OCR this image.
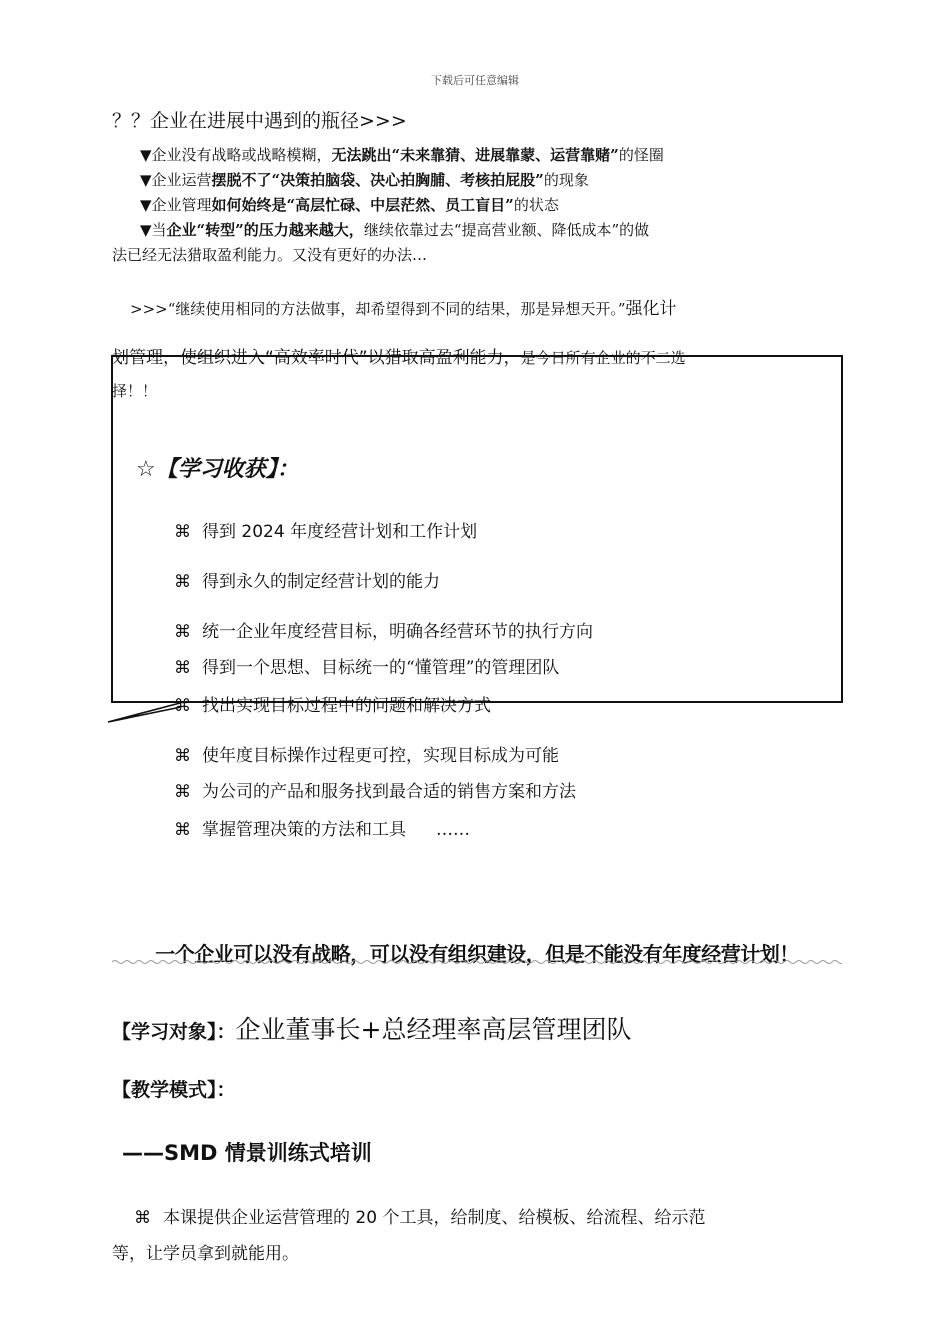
下载后可任意编辑
？？企业在进展中遇到的瓶径>>>
▼企业没有战略或战略模糊，无法跳出“未来靠猜、进展靠蒙、运营靠赌”的怪圈
▼企业运营摆脱不了“决策拍脑袋、决心拍胸脯、考核拍屁股”的现象
▼企业管理如何始终是“高层忙碌、中层茫然、员工盲目”的状态
▼当企业“转型”的压力越来越大，继续依靠过去“提高营业额、降低成本”的做
法已经无法猎取盈利能力。又没有更好的办法…
>>>“继续使用相同的方法做事，却希望得到不同的结果，那是异想天开。”强化计
划管理，使组织进入“高效率时代”以猎取高盈利能力，是今日所有企业的不二选
择！！
☆【学习收获】：
⌘ 得到 2024 年度经营计划和工作计划
⌘ 得到永久的制定经营计划的能力
⌘ 统一企业年度经营目标，明确各经营环节的执行方向
⌘ 得到一个思想、目标统一的“懂管理”的管理团队
⌘ 找出实现目标过程中的问题和解决方式
⌘ 使年度目标操作过程更可控，实现目标成为可能
⌘ 为公司的产品和服务找到最合适的销售方案和方法
⌘ 掌握管理决策的方法和工具 ……
一个企业可以没有战略，可以没有组织建设，但是不能没有年度经营计划！
【学习对象】：企业董事长+总经理率高层管理团队
【教学模式】：
——SMD 情景训练式培训
⌘ 本课提供企业运营管理的 20 个工具，给制度、给模板、给流程、给示范
等，让学员拿到就能用。
